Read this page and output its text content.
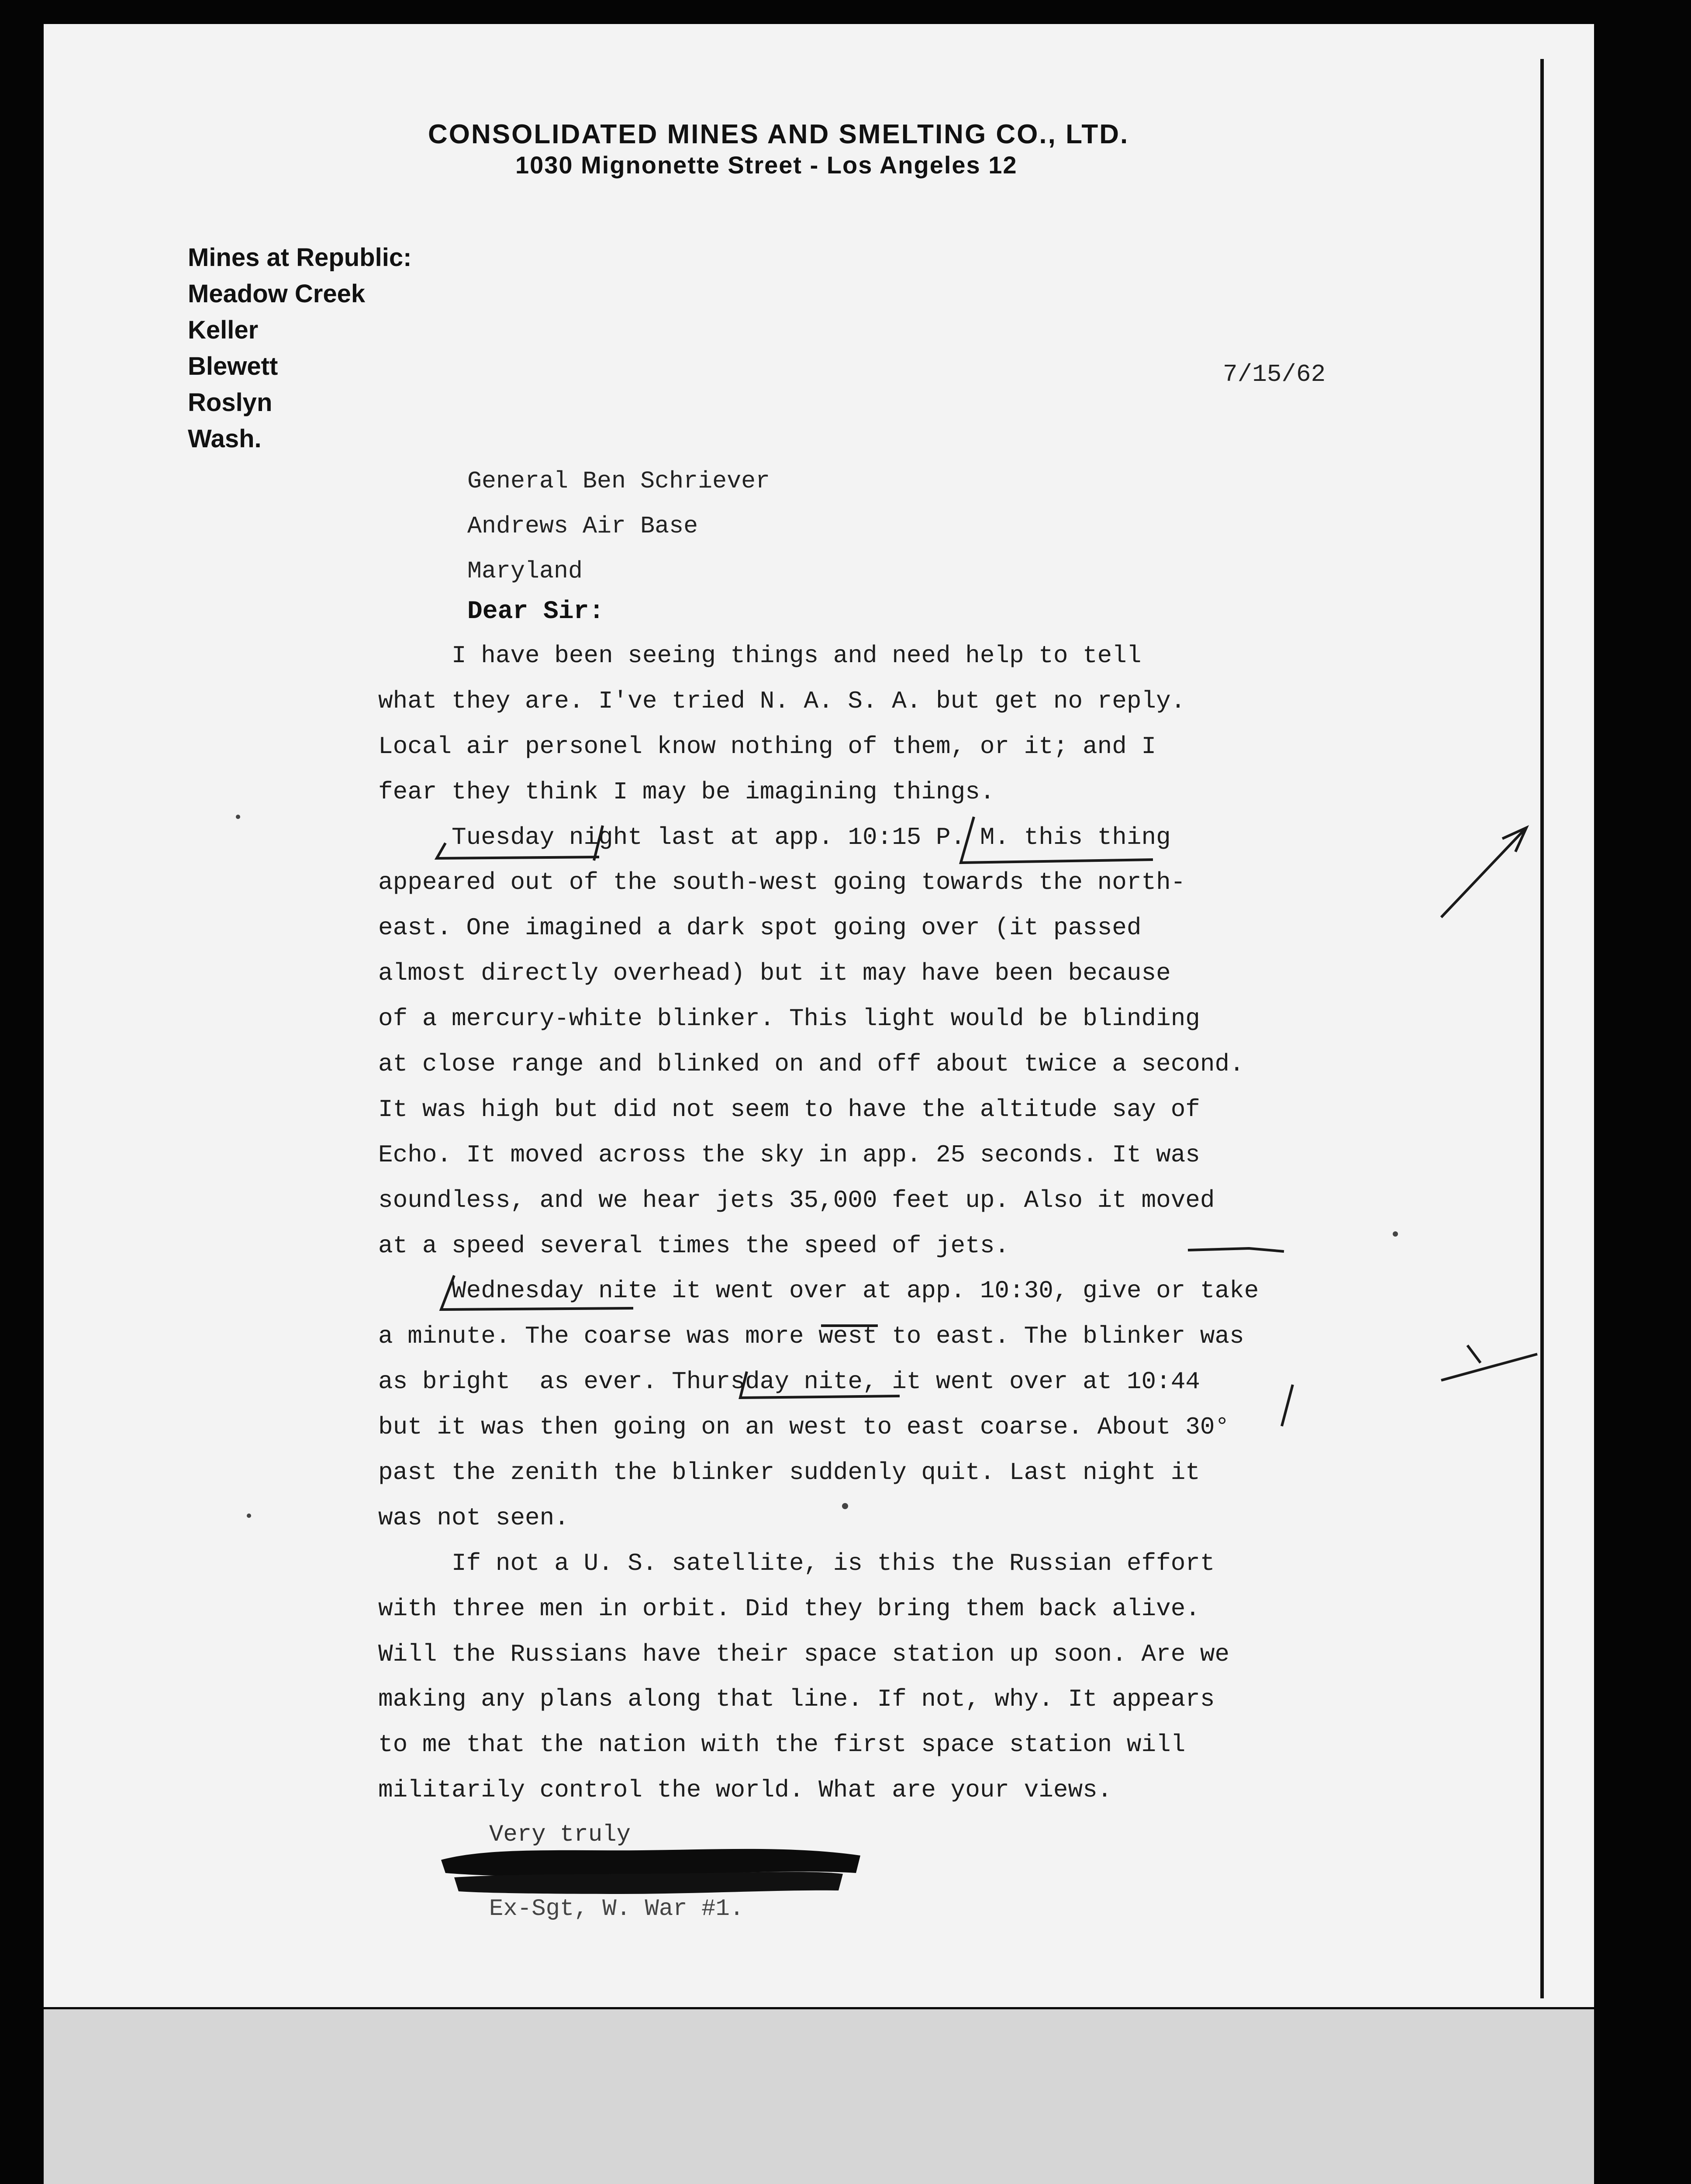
CONSOLIDATED MINES AND SMELTING CO., LTD.
1030 Mignonette Street - Los Angeles 12
Mines at Republic:
Meadow Creek
Keller
Blewett
Roslyn
Wash.
7/15/62
General Ben Schriever
Andrews Air Base
Maryland
Dear Sir:
I have been seeing things and need help to tell
what they are. I've tried N. A. S. A. but get no reply.
Local air personel know nothing of them, or it; and I
fear they think I may be imagining things.
Tuesday night last at app. 10:15 P. M. this thing
appeared out of the south-west going towards the north-
east. One imagined a dark spot going over (it passed
almost directly overhead) but it may have been because
of a mercury-white blinker. This light would be blinding
at close range and blinked on and off about twice a second.
It was high but did not seem to have the altitude say of
Echo. It moved across the sky in app. 25 seconds. It was
soundless, and we hear jets 35,000 feet up. Also it moved
at a speed several times the speed of jets.
Wednesday nite it went over at app. 10:30, give or take
a minute. The coarse was more west to east. The blinker was
as bright  as ever. Thursday nite, it went over at 10:44
but it was then going on an west to east coarse. About 30°
past the zenith the blinker suddenly quit. Last night it
was not seen.
If not a U. S. satellite, is this the Russian effort
with three men in orbit. Did they bring them back alive.
Will the Russians have their space station up soon. Are we
making any plans along that line. If not, why. It appears
to me that the nation with the first space station will
militarily control the world. What are your views.
Very truly
Ex-Sgt, W. War #1.
